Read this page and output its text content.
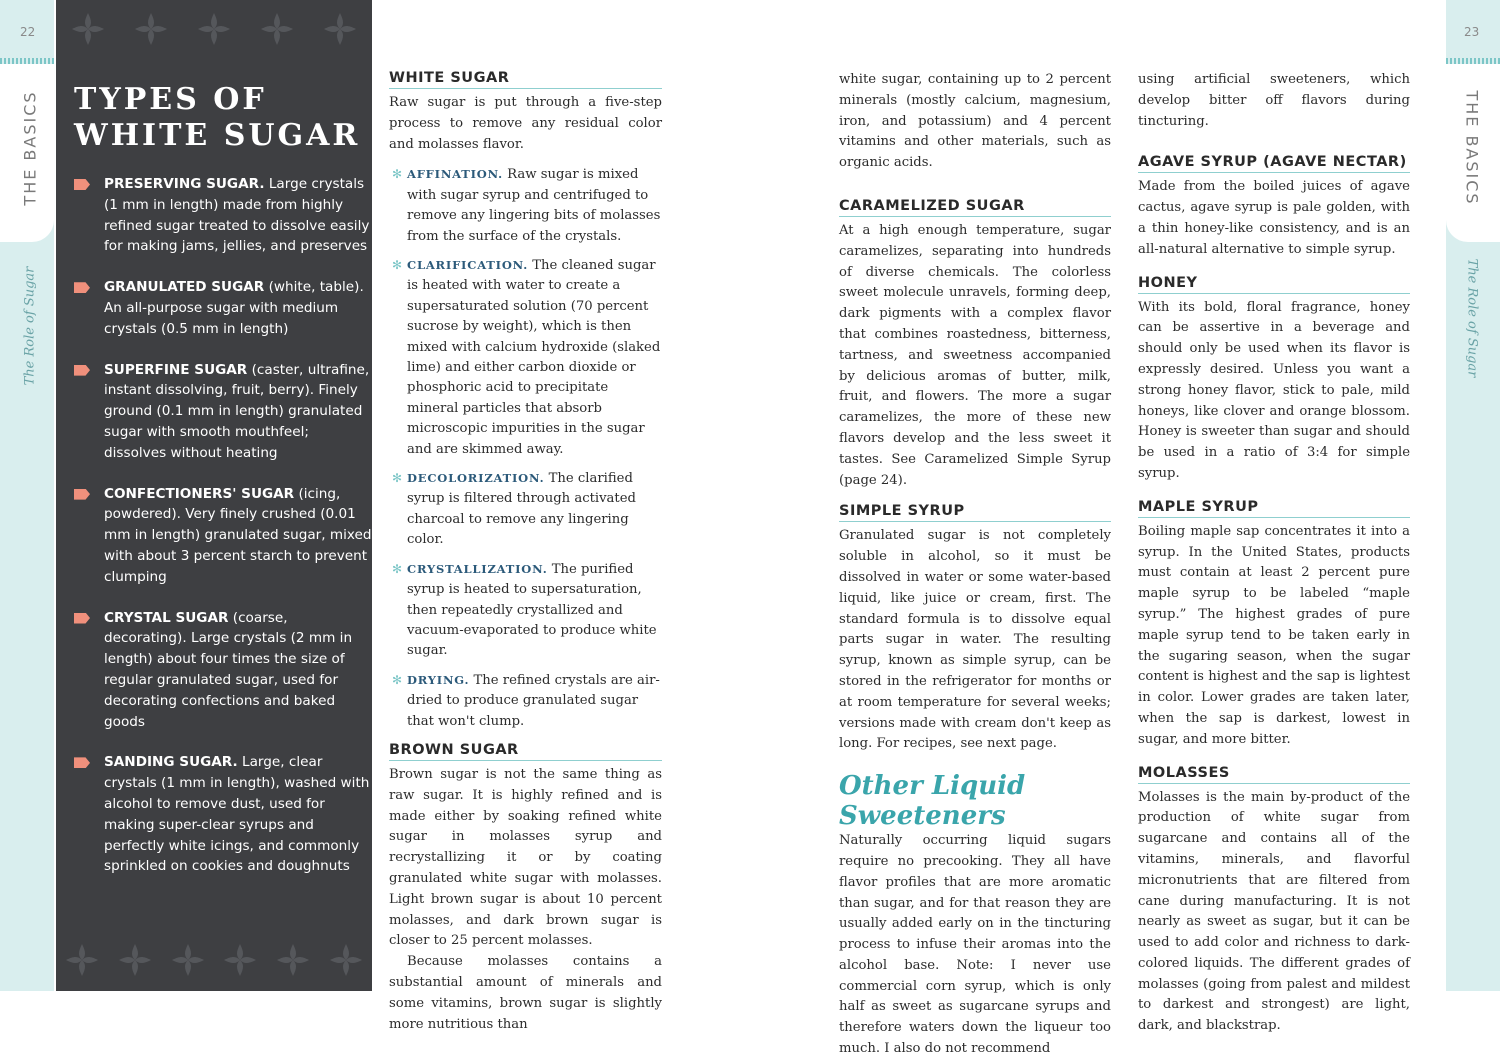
22
THE BASICS
The Role of Sugar
23
THE BASICS
The Role of Sugar
TYPES OF
WHITE SUGAR
PRESERVING SUGAR. Large crystals (1 mm in length) made from highly refined sugar treated to dissolve easily for making jams, jellies, and preserves
GRANULATED SUGAR (white, table). An all-purpose sugar with medium crystals (0.5 mm in length)
SUPERFINE SUGAR (caster, ultrafine, instant dissolving, fruit, berry). Finely ground (0.1 mm in length) granulated sugar with smooth mouthfeel; dissolves without heating
CONFECTIONERS' SUGAR (icing, powdered). Very finely crushed (0.01 mm in length) granulated sugar, mixed with about 3 percent starch to prevent clumping
CRYSTAL SUGAR (coarse, decorating). Large crystals (2 mm in length) about four times the size of regular granulated sugar, used for decorating confections and baked goods
SANDING SUGAR. Large, clear crystals (1 mm in length), washed with alcohol to remove dust, used for making super-clear syrups and perfectly white icings, and commonly sprinkled on cookies and doughnuts
WHITE SUGAR

Raw sugar is put through a five-step process to remove any residual color and molasses flavor.

✻ AFFINATION. Raw sugar is mixed with sugar syrup and centrifuged to remove any lingering bits of molasses from the surface of the crystals.
✻ CLARIFICATION. The cleaned sugar is heated with water to create a supersaturated solution (70 percent sucrose by weight), which is then mixed with calcium hydroxide (slaked lime) and either carbon dioxide or phosphoric acid to precipitate mineral particles that absorb microscopic impurities in the sugar and are skimmed away.
✻ DECOLORIZATION. The clarified syrup is filtered through activated charcoal to remove any lingering color.
✻ CRYSTALLIZATION. The purified syrup is heated to supersaturation, then repeatedly crystallized and vacuum-evaporated to produce white sugar.
✻ DRYING. The refined crystals are air-dried to produce granulated sugar that won't clump.
BROWN SUGAR

Brown sugar is not the same thing as raw sugar. It is highly refined and is made either by soaking refined white sugar in molasses syrup and recrystallizing it or by coating granulated white sugar with molasses. Light brown sugar is about 10 percent molasses, and dark brown sugar is closer to 25 percent molasses.

Because molasses contains a substantial amount of minerals and some vitamins, brown sugar is slightly more nutritious than

white sugar, containing up to 2 percent minerals (mostly calcium, magnesium, iron, and potassium) and 4 percent vitamins and other materials, such as organic acids.

CARAMELIZED SUGAR

At a high enough temperature, sugar caramelizes, separating into hundreds of diverse chemicals. The colorless sweet molecule unravels, forming deep, dark pigments with a complex flavor that combines roastedness, bitterness, tartness, and sweetness accompanied by delicious aromas of butter, milk, fruit, and flowers. The more a sugar caramelizes, the more of these new flavors develop and the less sweet it tastes. See Caramelized Simple Syrup (page 24).

SIMPLE SYRUP

Granulated sugar is not completely soluble in alcohol, so it must be dissolved in water or some water-based liquid, like juice or cream, first. The standard formula is to dissolve equal parts sugar in water. The resulting syrup, known as simple syrup, can be stored in the refrigerator for months or at room temperature for several weeks; versions made with cream don't keep as long. For recipes, see next page.

Other Liquid Sweeteners

Naturally occurring liquid sugars require no precooking. They all have flavor profiles that are more aromatic than sugar, and for that reason they are usually added early on in the tincturing process to infuse their aromas into the alcohol base. Note: I never use commercial corn syrup, which is only half as sweet as sugarcane syrups and therefore waters down the liqueur too much. I also do not recommend

using artificial sweeteners, which develop bitter off flavors during tincturing.

AGAVE SYRUP (AGAVE NECTAR)

Made from the boiled juices of agave cactus, agave syrup is pale golden, with a thin honey-like consistency, and is an all-natural alternative to simple syrup.

HONEY

With its bold, floral fragrance, honey can be assertive in a beverage and should only be used when its flavor is expressly desired. Unless you want a strong honey flavor, stick to pale, mild honeys, like clover and orange blossom. Honey is sweeter than sugar and should be used in a ratio of 3:4 for simple syrup.

MAPLE SYRUP

Boiling maple sap concentrates it into a syrup. In the United States, products must contain at least 2 percent pure maple syrup to be labeled “maple syrup.” The highest grades of pure maple syrup tend to be taken early in the sugaring season, when the sugar content is highest and the sap is lightest in color. Lower grades are taken later, when the sap is darkest, lowest in sugar, and more bitter.

MOLASSES

Molasses is the main by-product of the production of white sugar from sugarcane and contains all of the vitamins, minerals, and flavorful micronutrients that are filtered from cane during manufacturing. It is not nearly as sweet as sugar, but it can be used to add color and richness to dark-colored liquids. The different grades of molasses (going from palest and mildest to darkest and strongest) are light, dark, and blackstrap.
